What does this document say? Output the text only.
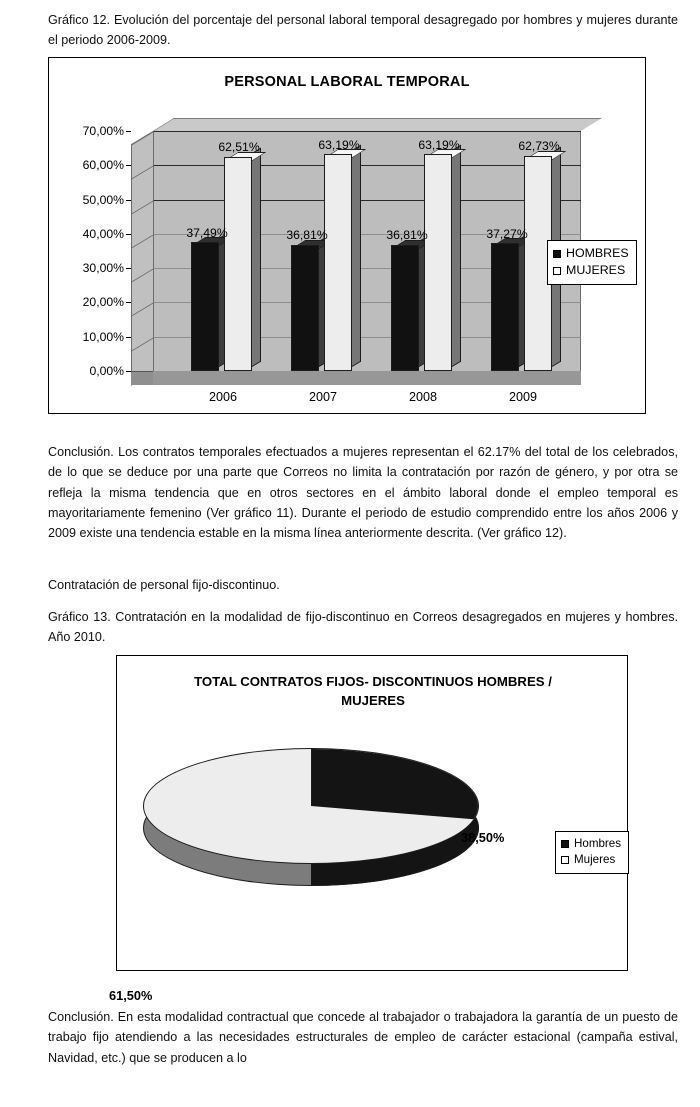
Gráfico 12. Evolución del porcentaje del personal laboral temporal desagregado por hombres y mujeres durante el periodo 2006-2009.

PERSONAL LABORAL TEMPORAL
70,00%
60,00%
50,00%
40,00%
30,00%
20,00%
10,00%
0,00%
37,49%
62,51%
2006
36,81%
63,19%
2007
36,81%
63,19%
2008
37,27%
62,73%
2009
HOMBRES
MUJERES

Conclusión. Los contratos temporales efectuados a mujeres representan el 62.17% del total de los celebrados, de lo que se deduce por una parte que Correos no limita la contratación por razón de género, y por otra se refleja la misma tendencia que en otros sectores en el ámbito laboral donde el empleo temporal es mayoritariamente femenino (Ver gráfico 11). Durante el periodo de estudio comprendido entre los años 2006 y 2009 existe una tendencia estable en la misma línea anteriormente descrita. (Ver gráfico 12).

Contratación de personal fijo-discontinuo.

Gráfico 13. Contratación en la modalidad de fijo-discontinuo en Correos desagregados en mujeres y hombres. Año 2010.

TOTAL CONTRATOS FIJOS- DISCONTINUOS HOMBRES / MUJERES
38,50%
61,50%
Hombres
Mujeres

Conclusión. En esta modalidad contractual que concede al trabajador o trabajadora la garantía de un puesto de trabajo fijo atendiendo a las necesidades estructurales de empleo de carácter estacional (campaña estival, Navidad, etc.) que se producen a lo
